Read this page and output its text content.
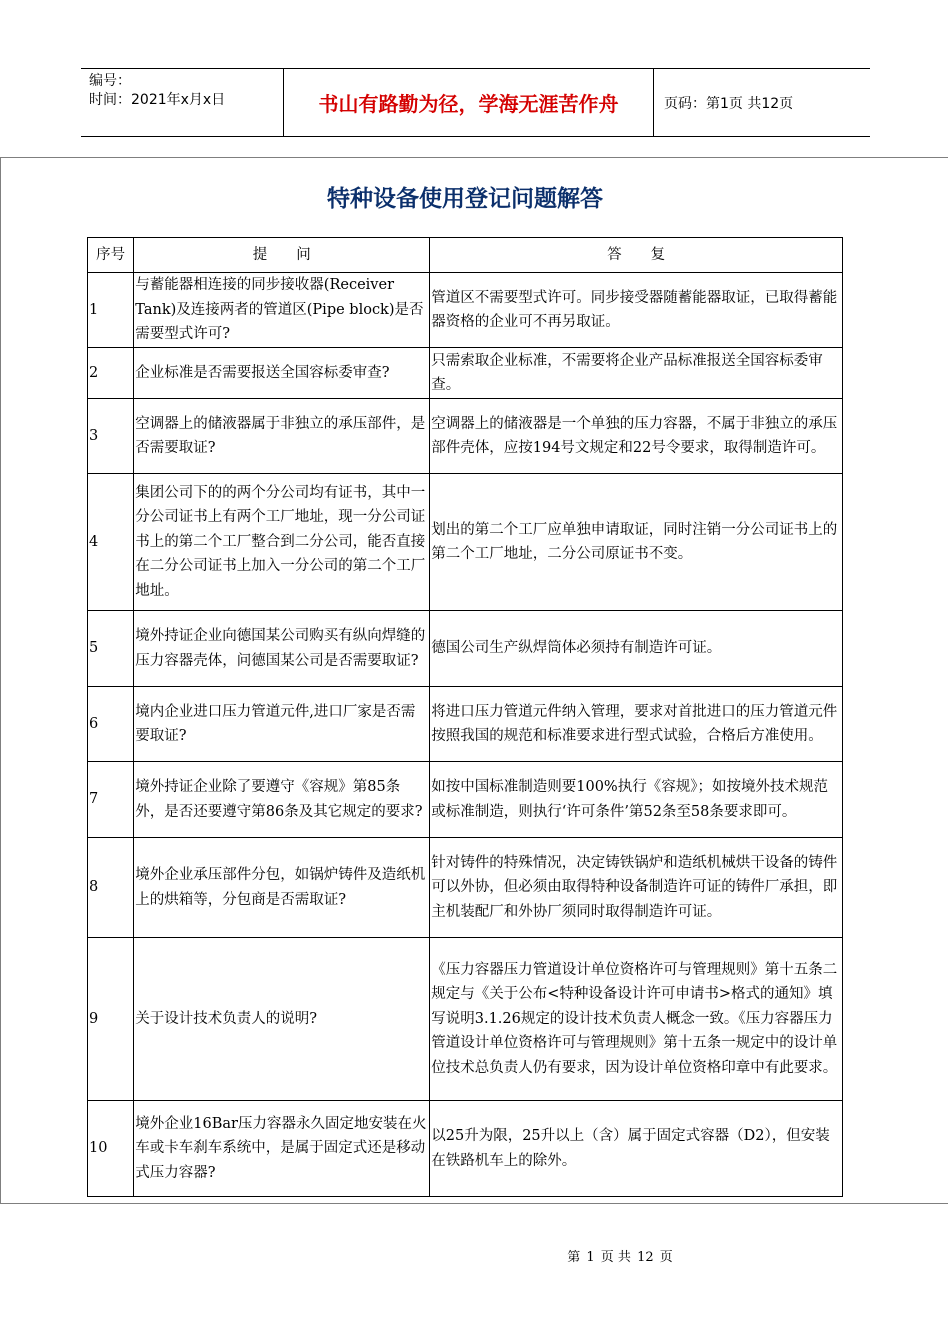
编号：
时间：2021年x月x日	书山有路勤为径，学海无涯苦作舟	页码：第1页 共12页
特种设备使用登记问题解答
序号	提　　问	答　　复
1	与蓄能器相连接的同步接收器(Receiver Tank)及连接两者的管道区(Pipe block)是否需要型式许可?	管道区不需要型式许可。同步接受器随蓄能器取证，已取得蓄能器资格的企业可不再另取证。
2	企业标准是否需要报送全国容标委审查?	只需索取企业标准，不需要将企业产品标准报送全国容标委审查。
3	空调器上的储液器属于非独立的承压部件，是否需要取证?	空调器上的储液器是一个单独的压力容器，不属于非独立的承压部件壳体，应按194号文规定和22号令要求，取得制造许可。
4	集团公司下的的两个分公司均有证书，其中一分公司证书上有两个工厂地址，现一分公司证书上的第二个工厂整合到二分公司，能否直接在二分公司证书上加入一分公司的第二个工厂地址。	划出的第二个工厂应单独申请取证，同时注销一分公司证书上的第二个工厂地址，二分公司原证书不变。
5	境外持证企业向德国某公司购买有纵向焊缝的压力容器壳体，问德国某公司是否需要取证?	德国公司生产纵焊筒体必须持有制造许可证。
6	境内企业进口压力管道元件,进口厂家是否需要取证?	将进口压力管道元件纳入管理，要求对首批进口的压力管道元件按照我国的规范和标准要求进行型式试验，合格后方准使用。
7	境外持证企业除了要遵守《容规》第85条外，是否还要遵守第86条及其它规定的要求?	如按中国标准制造则要100%执行《容规》；如按境外技术规范或标准制造，则执行‘许可条件’第52条至58条要求即可。
8	境外企业承压部件分包，如锅炉铸件及造纸机上的烘箱等，分包商是否需取证?	针对铸件的特殊情况，决定铸铁锅炉和造纸机械烘干设备的铸件可以外协，但必须由取得特种设备制造许可证的铸件厂承担，即主机装配厂和外协厂须同时取得制造许可证。
9	关于设计技术负责人的说明?	《压力容器压力管道设计单位资格许可与管理规则》第十五条二规定与《关于公布<特种设备设计许可申请书>格式的通知》填写说明3.1.26规定的设计技术负责人概念一致。《压力容器压力管道设计单位资格许可与管理规则》第十五条一规定中的设计单位技术总负责人仍有要求，因为设计单位资格印章中有此要求。
10	境外企业16Bar压力容器永久固定地安装在火车或卡车刹车系统中，是属于固定式还是移动式压力容器?	以25升为限，25升以上（含）属于固定式容器（D2），但安装在铁路机车上的除外。
第 1 页 共 12 页
